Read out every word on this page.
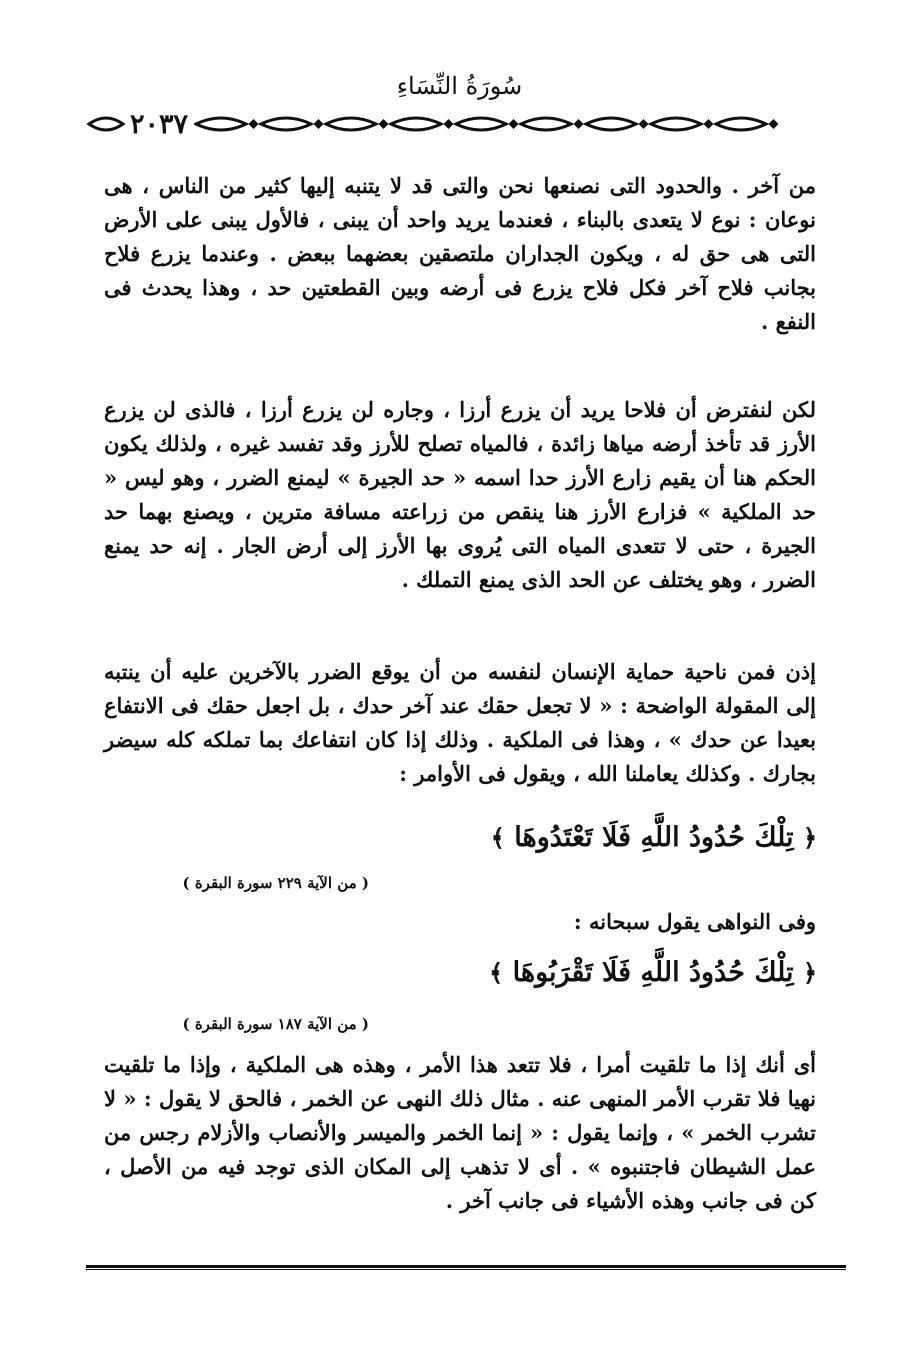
سُورَةُ النِّسَاءِ
٢٠٣٧
من آخر . والحدود التى نصنعها نحن والتى قد لا يتنبه إليها كثير من الناس ، هى نوعان : نوع لا يتعدى بالبناء ، فعندما يريد واحد أن يبنى ، فالأول يبنى على الأرض التى هى حق له ، ويكون الجداران ملتصقين بعضهما ببعض . وعندما يزرع فلاح بجانب فلاح آخر فكل فلاح يزرع فى أرضه وبين القطعتين حد ، وهذا يحدث فى النفع .
لكن لنفترض أن فلاحا يريد أن يزرع أرزا ، وجاره لن يزرع أرزا ، فالذى لن يزرع الأرز قد تأخذ أرضه مياها زائدة ، فالمياه تصلح للأرز وقد تفسد غيره ، ولذلك يكون الحكم هنا أن يقيم زارع الأرز حدا اسمه « حد الجيرة » ليمنع الضرر ، وهو ليس « حد الملكية » فزارع الأرز هنا ينقص من زراعته مسافة مترين ، ويصنع بهما حد الجيرة ، حتى لا تتعدى المياه التى يُروى بها الأرز إلى أرض الجار . إنه حد يمنع الضرر ، وهو يختلف عن الحد الذى يمنع التملك .
إذن فمن ناحية حماية الإنسان لنفسه من أن يوقع الضرر بالآخرين عليه أن ينتبه إلى المقولة الواضحة : « لا تجعل حقك عند آخر حدك ، بل اجعل حقك فى الانتفاع بعيدا عن حدك » ، وهذا فى الملكية . وذلك إذا كان انتفاعك بما تملكه كله سيضر بجارك . وكذلك يعاملنا الله ، ويقول فى الأوامر :
﴿ تِلْكَ حُدُودُ اللَّهِ فَلَا تَعْتَدُوهَا ﴾
( من الآية ٢٢٩ سورة البقرة )
وفى النواهى يقول سبحانه :
﴿ تِلْكَ حُدُودُ اللَّهِ فَلَا تَقْرَبُوهَا ﴾
( من الآية ١٨٧ سورة البقرة )
أى أنك إذا ما تلقيت أمرا ، فلا تتعد هذا الأمر ، وهذه هى الملكية ، وإذا ما تلقيت نهيا فلا تقرب الأمر المنهى عنه . مثال ذلك النهى عن الخمر ، فالحق لا يقول : « لا تشرب الخمر » ، وإنما يقول : « إنما الخمر والميسر والأنصاب والأزلام رجس من عمل الشيطان فاجتنبوه » . أى لا تذهب إلى المكان الذى توجد فيه من الأصل ، كن فى جانب وهذه الأشياء فى جانب آخر .
